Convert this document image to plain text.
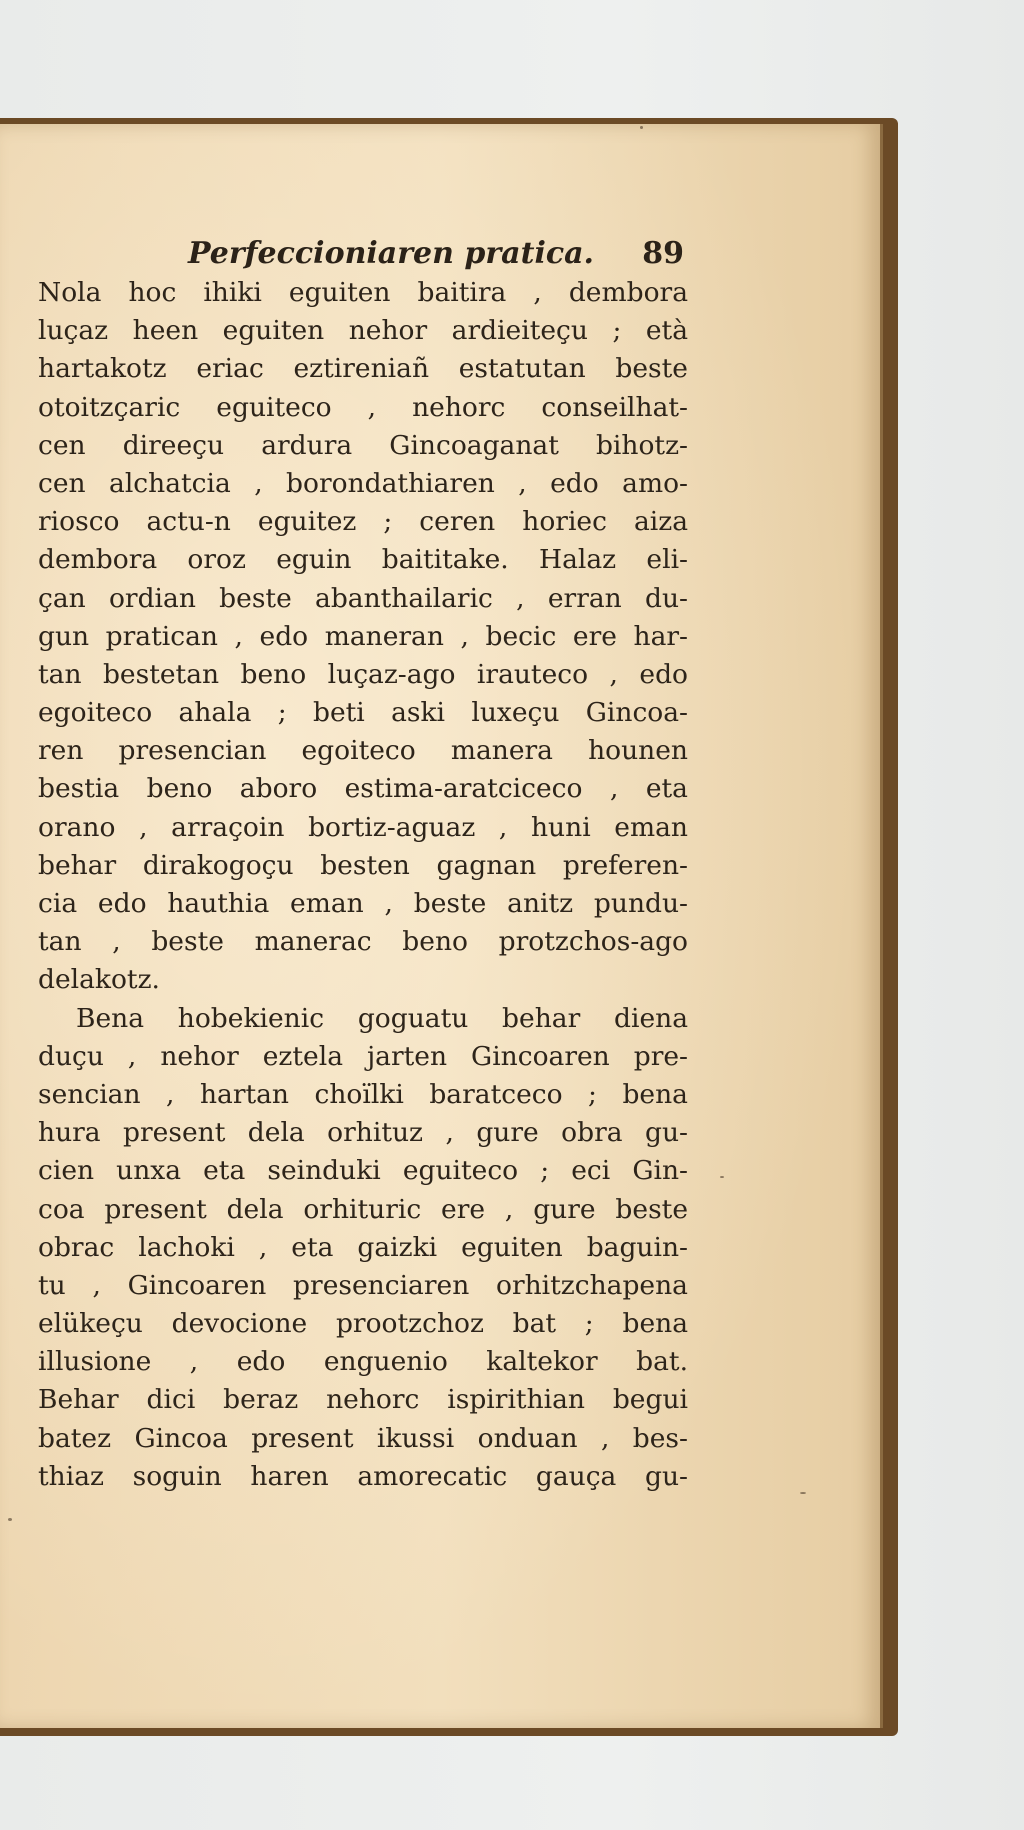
Perfeccioniaren pratica. 89
Nola hoc ihiki eguiten baitira , dembora
luçaz heen eguiten nehor ardieiteçu ; età
hartakotz eriac eztireniañ estatutan beste
otoitzçaric eguiteco , nehorc conseilhat-
cen direeçu ardura Gincoaganat bihotz-
cen alchatcia , borondathiaren , edo amo-
riosco actu-n eguitez ; ceren horiec aiza
dembora oroz eguin baititake. Halaz eli-
çan ordian beste abanthailaric , erran du-
gun pratican , edo maneran , becic ere har-
tan bestetan beno luçaz-ago irauteco , edo
egoiteco ahala ; beti aski luxeçu Gincoa-
ren presencian egoiteco manera hounen
bestia beno aboro estima-aratciceco , eta
orano , arraçoin bortiz-aguaz , huni eman
behar dirakogoçu besten gagnan preferen-
cia edo hauthia eman , beste anitz pundu-
tan , beste manerac beno protzchos-ago
delakotz.
Bena hobekienic goguatu behar diena
duçu , nehor eztela jarten Gincoaren pre-
sencian , hartan choïlki baratceco ; bena
hura present dela orhituz , gure obra gu-
cien unxa eta seinduki eguiteco ; eci Gin-
coa present dela orhituric ere , gure beste
obrac lachoki , eta gaizki eguiten baguin-
tu , Gincoaren presenciaren orhitzchapena
elükeçu devocione prootzchoz bat ; bena
illusione , edo enguenio kaltekor bat.
Behar dici beraz nehorc ispirithian begui
batez Gincoa present ikussi onduan , bes-
thiaz soguin haren amorecatic gauça gu-
